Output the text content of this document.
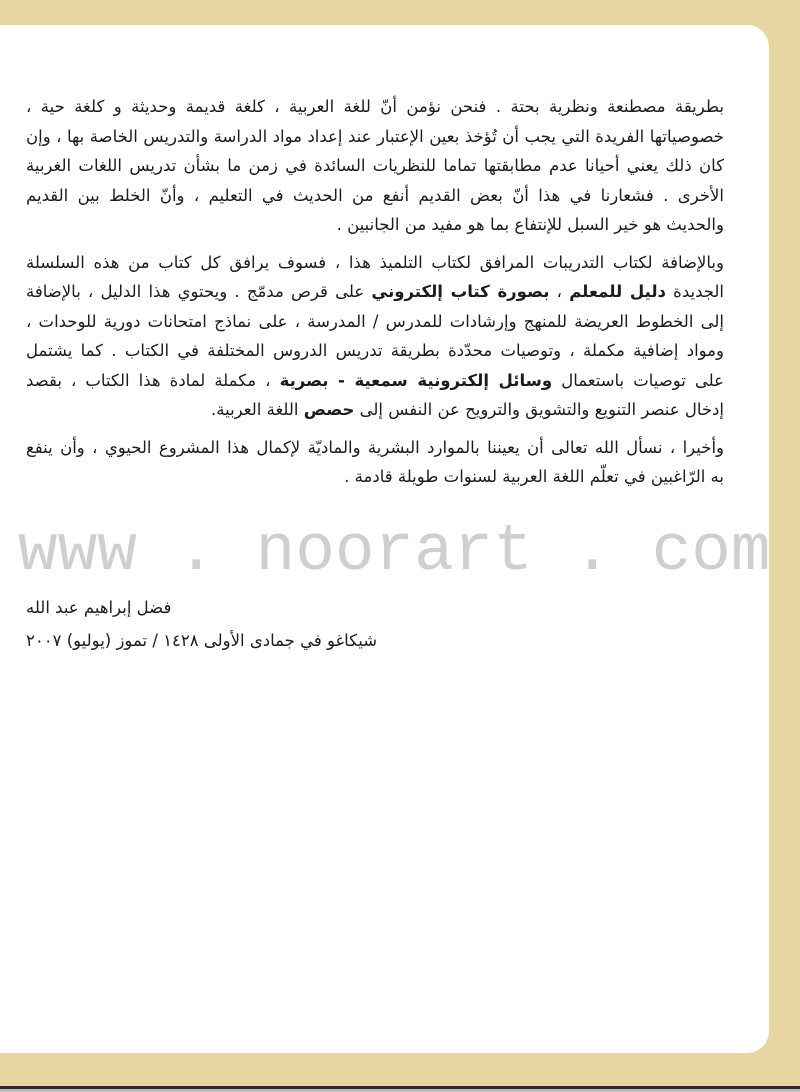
بطريقة مصطنعة ونظرية بحتة . فنحن نؤمن أنّ للغة العربية ، كلغة قديمة وحديثة و كلغة حية ،
خصوصياتها الفريدة التي يجب أن تُؤخذ بعين الإعتبار عند إعداد مواد الدراسة والتدريس الخاصة بها ، وإن
كان ذلك يعني أحيانا عدم مطابقتها تماما للنظريات السائدة في زمن ما بشأن تدريس اللغات الغربية
الأخرى . فشعارنا في هذا أنّ بعض القديم أنفع من الحديث في التعليم ، وأنّ الخلط بين القديم
والحديث هو خير السبل للإنتفاع بما هو مفيد من الجانبين .
وبالإضافة لكتاب التدريبات المرافق لكتاب التلميذ هذا ، فسوف يرافق كل كتاب من هذه السلسلة
الجديدة دليل للمعلم ، بصورة كتاب إلكتروني على قرص مدمّج . ويحتوي هذا الدليل ، بالإضافة
إلى الخطوط العريضة للمنهج وإرشادات للمدرس / المدرسة ، على نماذج امتحانات دورية للوحدات ،
ومواد إضافية مكملة ، وتوصيات محدّدة بطريقة تدريس الدروس المختلفة في الكتاب . كما يشتمل
على توصيات باستعمال وسائل إلكترونية سمعية - بصرية ، مكملة لمادة هذا الكتاب ، بقصد
إدخال عنصر التنويع والتشويق والترويح عن النفس إلى حصص اللغة العربية.
وأخيرا ، نسأل الله تعالى أن يعيننا بالموارد البشرية والماديّة لإكمال هذا المشروع الحيوي ، وأن ينفع
به الرّاغبين في تعلّم اللغة العربية لسنوات طويلة قادمة .
فضل إبراهيم عبد الله
شيكاغو في جمادى الأولى ١٤٢٨ / تموز (يوليو) ٢٠٠٧
www . noorart . com
